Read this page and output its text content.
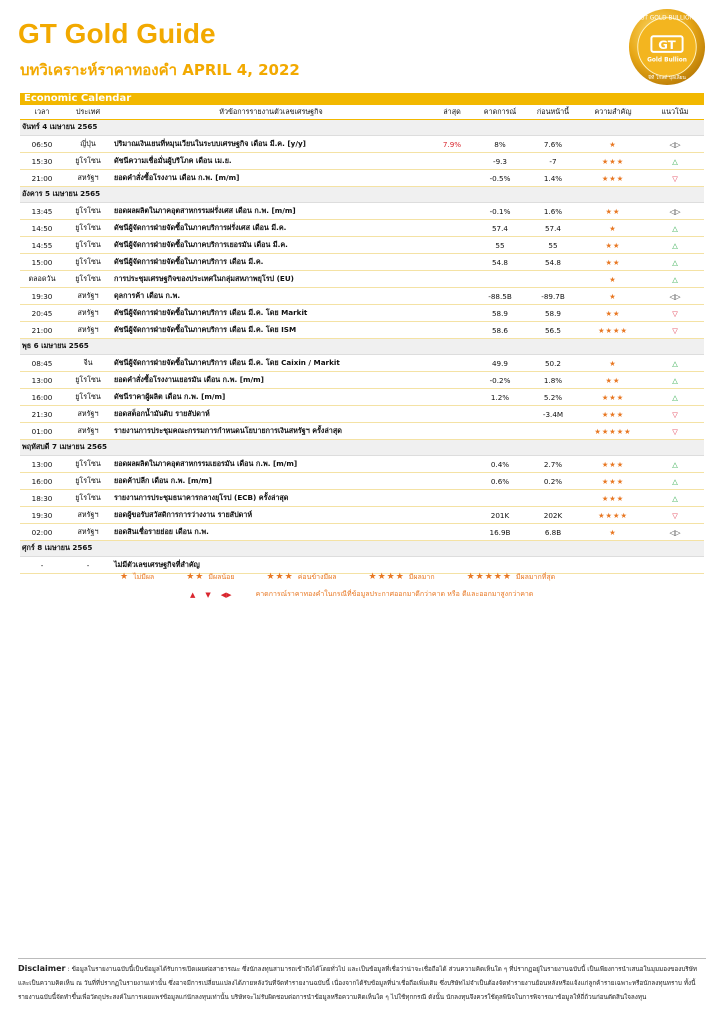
GT Gold Guide
บทวิเคราะห์ราคาทองคำ APRIL 4, 2022
GT GOLD BULLION
GT
Gold Bullion
จีที โกลด์ บุลเลียน
Economic Calendar
เวลา	ประเทศ	หัวข้อการรายงานตัวเลขเศรษฐกิจ	ล่าสุด	คาดการณ์	ก่อนหน้านี้	ความสำคัญ	แนวโน้ม
จันทร์ 4 เมษายน 2565							
06:50	ญี่ปุ่น	ปริมาณเงินเยนที่หมุนเวียนในระบบเศรษฐกิจ เดือน มี.ค. [y/y]	7.9%	8%	7.6%	★	◁▷
15:30	ยูโรโซน	ดัชนีความเชื่อมั่นผู้บริโภค เดือน เม.ย.		-9.3	-7	★★★	△
21:00	สหรัฐฯ	ยอดคำสั่งซื้อโรงงาน เดือน ก.พ. [m/m]		-0.5%	1.4%	★★★	▽
อังคาร 5 เมษายน 2565							
13:45	ยูโรโซน	ยอดผลผลิตในภาคอุตสาหกรรมฝรั่งเศส เดือน ก.พ. [m/m]		-0.1%	1.6%	★★	◁▷
14:50	ยูโรโซน	ดัชนีผู้จัดการฝ่ายจัดซื้อในภาคบริการฝรั่งเศส เดือน มี.ค.		57.4	57.4	★	△
14:55	ยูโรโซน	ดัชนีผู้จัดการฝ่ายจัดซื้อในภาคบริการเยอรมัน เดือน มี.ค.		55	55	★★	△
15:00	ยูโรโซน	ดัชนีผู้จัดการฝ่ายจัดซื้อในภาคบริการ เดือน มี.ค.		54.8	54.8	★★	△
ตลอดวัน	ยูโรโซน	การประชุมเศรษฐกิจของประเทศในกลุ่มสหภาพยุโรป (EU)				★	△
19:30	สหรัฐฯ	ดุลการค้า เดือน ก.พ.		-88.5B	-89.7B	★	◁▷
20:45	สหรัฐฯ	ดัชนีผู้จัดการฝ่ายจัดซื้อในภาคบริการ เดือน มี.ค. โดย Markit		58.9	58.9	★★	▽
21:00	สหรัฐฯ	ดัชนีผู้จัดการฝ่ายจัดซื้อในภาคบริการ เดือน มี.ค. โดย ISM		58.6	56.5	★★★★	▽
พุธ 6 เมษายน 2565							
08:45	จีน	ดัชนีผู้จัดการฝ่ายจัดซื้อในภาคบริการ เดือน มี.ค. โดย Caixin / Markit		49.9	50.2	★	△
13:00	ยูโรโซน	ยอดคำสั่งซื้อโรงงานเยอรมัน เดือน ก.พ. [m/m]		-0.2%	1.8%	★★	△
16:00	ยูโรโซน	ดัชนีราคาผู้ผลิต เดือน ก.พ. [m/m]		1.2%	5.2%	★★★	△
21:30	สหรัฐฯ	ยอดสต็อกน้ำมันดิบ รายสัปดาห์			-3.4M	★★★	▽
01:00	สหรัฐฯ	รายงานการประชุมคณะกรรมการกำหนดนโยบายการเงินสหรัฐฯ ครั้งล่าสุด				★★★★★	▽
พฤหัสบดี 7 เมษายน 2565							
13:00	ยูโรโซน	ยอดผลผลิตในภาคอุตสาหกรรมเยอรมัน เดือน ก.พ. [m/m]		0.4%	2.7%	★★★	△
16:00	ยูโรโซน	ยอดค้าปลีก เดือน ก.พ. [m/m]		0.6%	0.2%	★★★	△
18:30	ยูโรโซน	รายงานการประชุมธนาคารกลางยุโรป (ECB) ครั้งล่าสุด				★★★	△
19:30	สหรัฐฯ	ยอดผู้ขอรับสวัสดิการการว่างงาน รายสัปดาห์		201K	202K	★★★★	▽
02:00	สหรัฐฯ	ยอดสินเชื่อรายย่อย เดือน ก.พ.		16.9B	6.8B	★	◁▷
ศุกร์ 8 เมษายน 2565							
-	-	ไม่มีตัวเลขเศรษฐกิจที่สำคัญ					
★ ไม่มีผล	★★ มีผลน้อย	★★★ ค่อนข้างมีผล	★★★★ มีผลมาก	★★★★★ มีผลมากที่สุด
▲ ▼ ◀▶	คาดการณ์ราคาทองคำในกรณีที่ข้อมูลประกาศออกมาดีกว่าคาด หรือ ดีและออกมาสูงกว่าคาด
Disclaimer : ข้อมูลในรายงานฉบับนี้เป็นข้อมูลได้รับการเปิดเผยต่อสาธารณะ ซึ่งนักลงทุนสามารถเข้าถึงได้โดยทั่วไป และเป็นข้อมูลที่เชื่อว่าน่าจะเชื่อถือได้ ส่วนความคิดเห็นใด ๆ ที่ปรากฏอยู่ในรายงานฉบับนี้ เป็นเพียงการนำเสนอในมุมมองของบริษัท และเป็นความคิดเห็น ณ วันที่ที่ปรากฏในรายงานเท่านั้น ซึ่งอาจมีการเปลี่ยนแปลงได้ภายหลังวันที่จัดทำรายงานฉบับนี้ เนื่องจากได้รับข้อมูลที่น่าเชื่อถือเพิ่มเติม ซึ่งบริษัทไม่จำเป็นต้องจัดทำรายงานย้อนหลังหรือแจ้งแก่ลูกค้ารายเฉพาะหรือนักลงทุนทราบ ทั้งนี้ รายงานฉบับนี้จัดทำขึ้นเพื่อวัตถุประสงค์ในการเผยแพร่ข้อมูลแก่นักลงทุนเท่านั้น บริษัทจะไม่รับผิดชอบต่อการนำข้อมูลหรือความคิดเห็นใด ๆ ไปใช้ทุกกรณี ดังนั้น นักลงทุนจึงควรใช้ดุลพินิจในการพิจารณาข้อมูลให้ถี่ถ้วนก่อนตัดสินใจลงทุน
